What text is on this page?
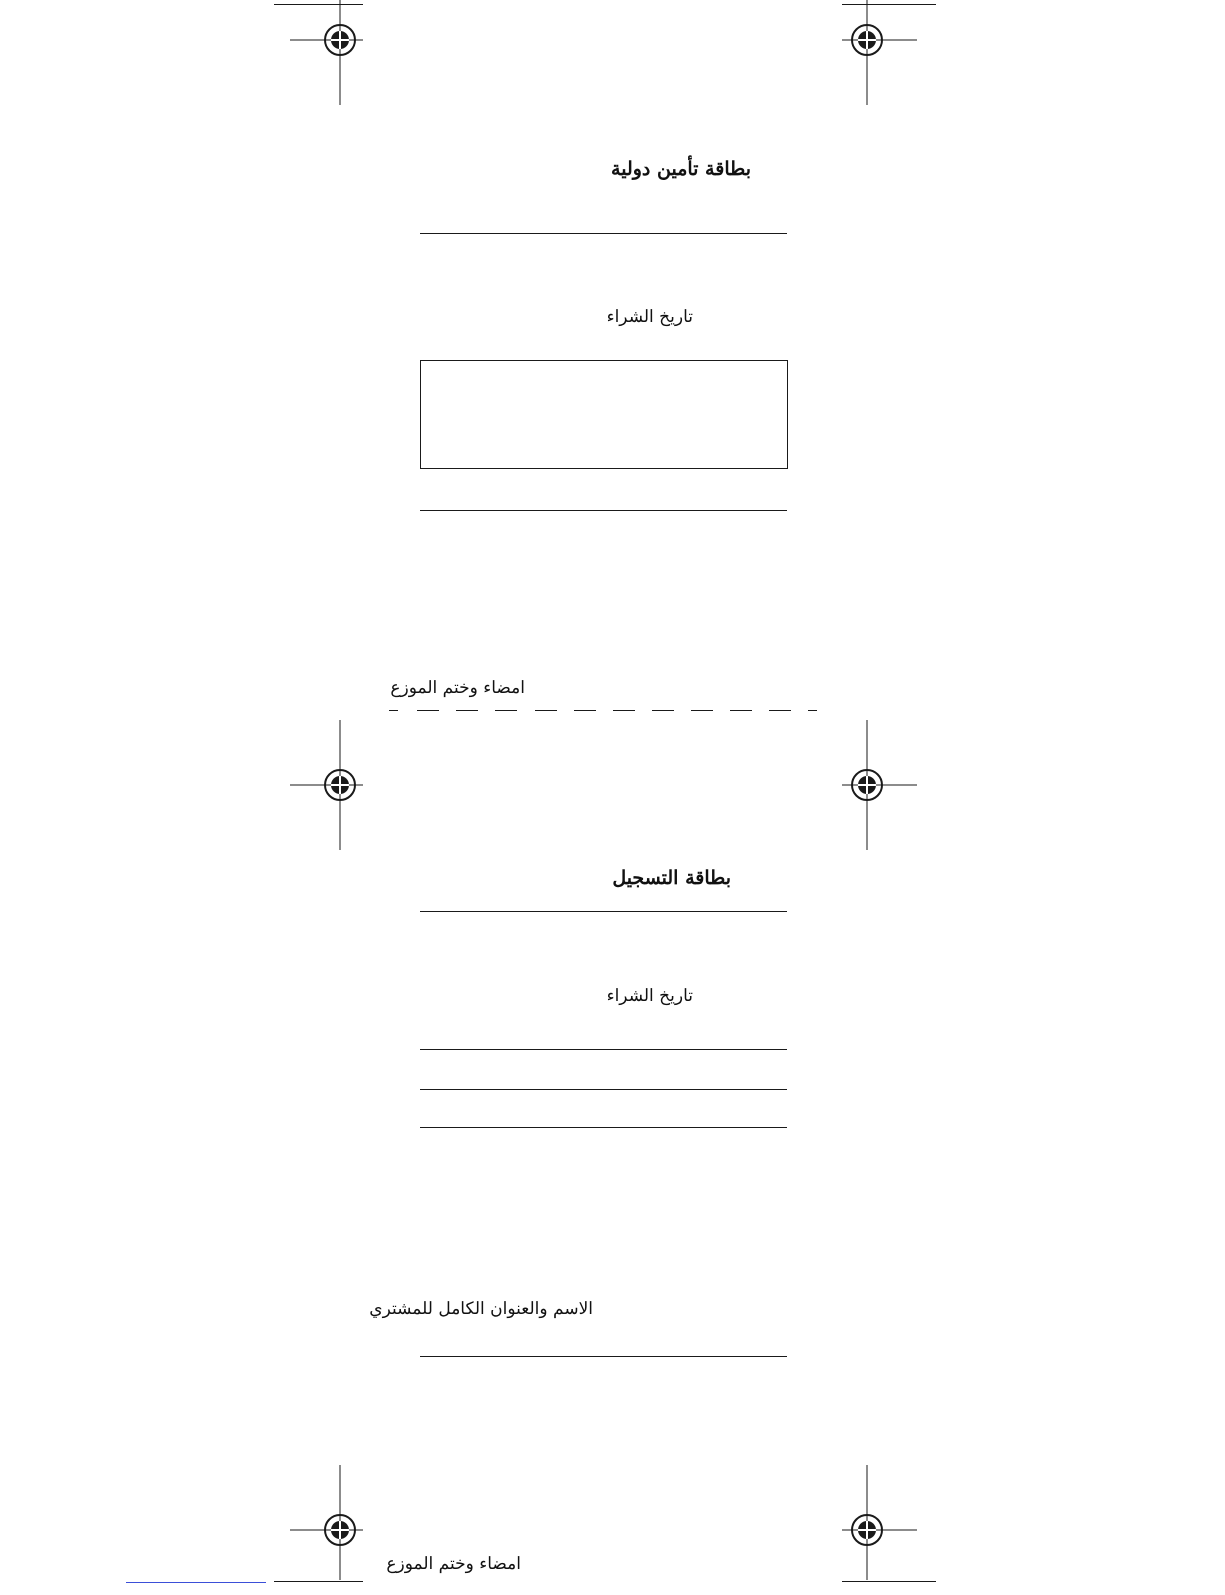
بطاقة تأمين دولية
تاريخ الشراء
امضاء وختم الموزع
بطاقة التسجيل
تاريخ الشراء
الاسم والعنوان الكامل للمشتري
امضاء وختم الموزع
